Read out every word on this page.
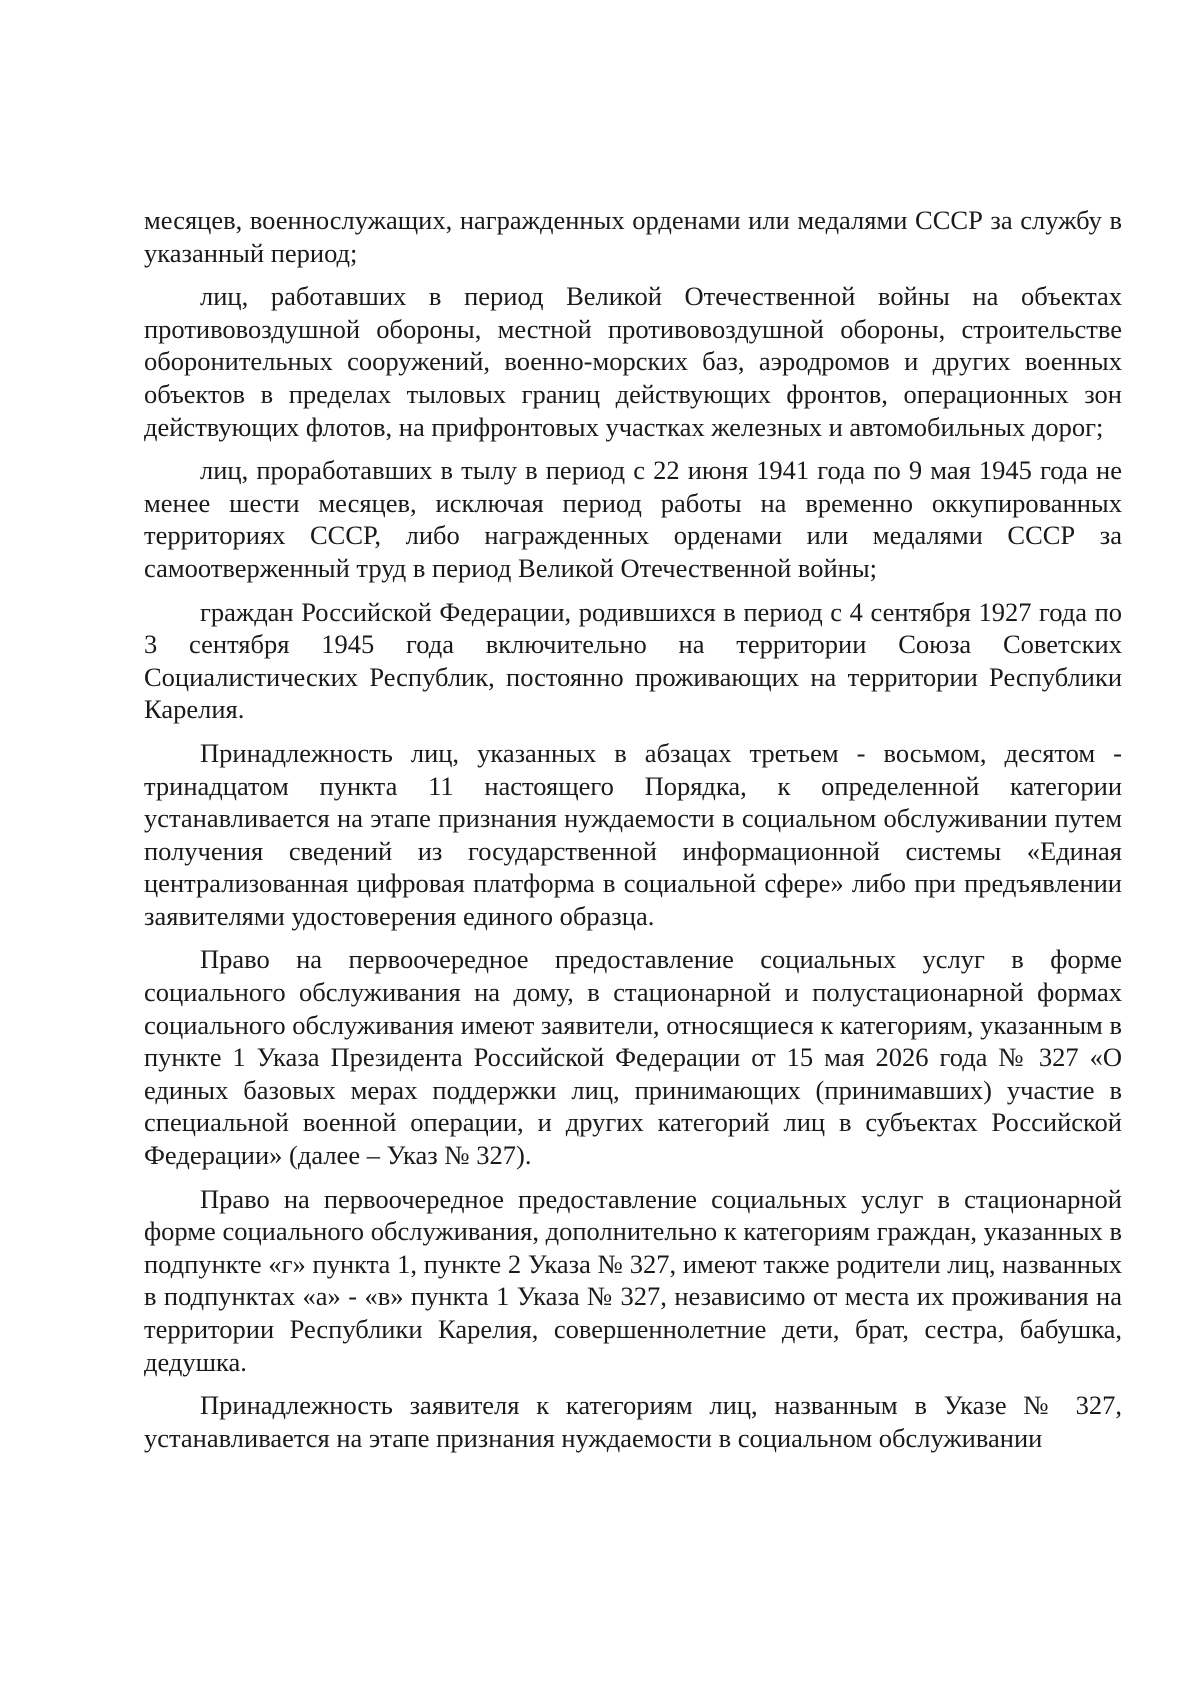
месяцев, военнослужащих, награжденных орденами или медалями СССР за службу в указанный период;

лиц, работавших в период Великой Отечественной войны на объектах противовоздушной обороны, местной противовоздушной обороны, строительстве оборонительных сооружений, военно-морских баз, аэродромов и других военных объектов в пределах тыловых границ действующих фронтов, операционных зон действующих флотов, на прифронтовых участках железных и автомобильных дорог;

лиц, проработавших в тылу в период с 22 июня 1941 года по 9 мая 1945 года не менее шести месяцев, исключая период работы на временно оккупированных территориях СССР, либо награжденных орденами или медалями СССР за самоотверженный труд в период Великой Отечественной войны;

граждан Российской Федерации, родившихся в период с 4 сентября 1927 года по 3 сентября 1945 года включительно на территории Союза Советских Социалистических Республик, постоянно проживающих на территории Республики Карелия.

Принадлежность лиц, указанных в абзацах третьем - восьмом, десятом - тринадцатом пункта 11 настоящего Порядка, к определенной категории устанавливается на этапе признания нуждаемости в социальном обслуживании путем получения сведений из государственной информационной системы «Единая централизованная цифровая платформа в социальной сфере» либо при предъявлении заявителями удостоверения единого образца.

Право на первоочередное предоставление социальных услуг в форме социального обслуживания на дому, в стационарной и полустационарной формах социального обслуживания имеют заявители, относящиеся к категориям, указанным в пункте 1 Указа Президента Российской Федерации от 15 мая 2026 года № 327 «О единых базовых мерах поддержки лиц, принимающих (принимавших) участие в специальной военной операции, и других категорий лиц в субъектах Российской Федерации» (далее – Указ № 327).

Право на первоочередное предоставление социальных услуг в стационарной форме социального обслуживания, дополнительно к категориям граждан, указанных в подпункте «г» пункта 1, пункте 2 Указа № 327, имеют также родители лиц, названных в подпунктах «а» - «в» пункта 1 Указа № 327, независимо от места их проживания на территории Республики Карелия, совершеннолетние дети, брат, сестра, бабушка, дедушка.

Принадлежность заявителя к категориям лиц, названным в Указе № 327, устанавливается на этапе признания нуждаемости в социальном обслуживании
